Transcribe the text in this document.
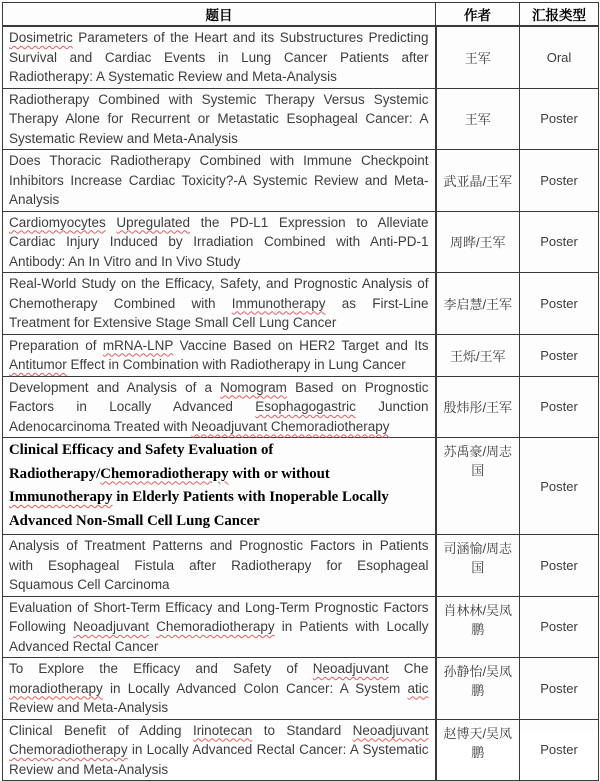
题目	作者	汇报类型
Dosimetric Parameters of the Heart and its Substructures Predicting Survival and Cardiac Events in Lung Cancer Patients after Radiotherapy: A Systematic Review and Meta-Analysis	王军	Oral
Radiotherapy Combined with Systemic Therapy Versus Systemic Therapy Alone for Recurrent or Metastatic Esophageal Cancer: A Systematic Review and Meta-Analysis	王军	Poster
Does Thoracic Radiotherapy Combined with Immune Checkpoint Inhibitors Increase Cardiac Toxicity?-A Systemic Review and Meta-Analysis	武亚晶/王军	Poster
Cardiomyocytes Upregulated the PD-L1 Expression to Alleviate Cardiac Injury Induced by Irradiation Combined with Anti-PD-1 Antibody: An In Vitro and In Vivo Study	周晔/王军	Poster
Real-World Study on the Efficacy, Safety, and Prognostic Analysis of Chemotherapy Combined with Immunotherapy as First-Line Treatment for Extensive Stage Small Cell Lung Cancer	李启慧/王军	Poster
Preparation of mRNA-LNP Vaccine Based on HER2 Target and Its Antitumor Effect in Combination with Radiotherapy in Lung Cancer	王烁/王军	Poster
Development and Analysis of a Nomogram Based on Prognostic Factors in Locally Advanced Esophagogastric Junction Adenocarcinoma Treated with Neoadjuvant Chemoradiotherapy	殷炜彤/王军	Poster
Clinical Efficacy and Safety Evaluation of Radiotherapy/Chemoradiotherapy with or without Immunotherapy in Elderly Patients with Inoperable Locally Advanced Non-Small Cell Lung Cancer	苏禹豪/周志国	Poster
Analysis of Treatment Patterns and Prognostic Factors in Patients with Esophageal Fistula after Radiotherapy for Esophageal Squamous Cell Carcinoma	司涵愉/周志国	Poster
Evaluation of Short-Term Efficacy and Long-Term Prognostic Factors Following Neoadjuvant Chemoradiotherapy in Patients with Locally Advanced Rectal Cancer	肖林林/吴凤鹏	Poster
To Explore the Efficacy and Safety of Neoadjuvant Che moradiotherapy in Locally Advanced Colon Cancer: A System atic Review and Meta-Analysis	孙静怡/吴凤鹏	Poster
Clinical Benefit of Adding Irinotecan to Standard Neoadjuvant Chemoradiotherapy in Locally Advanced Rectal Cancer: A Systematic Review and Meta-Analysis	赵博天/吴凤鹏	Poster
